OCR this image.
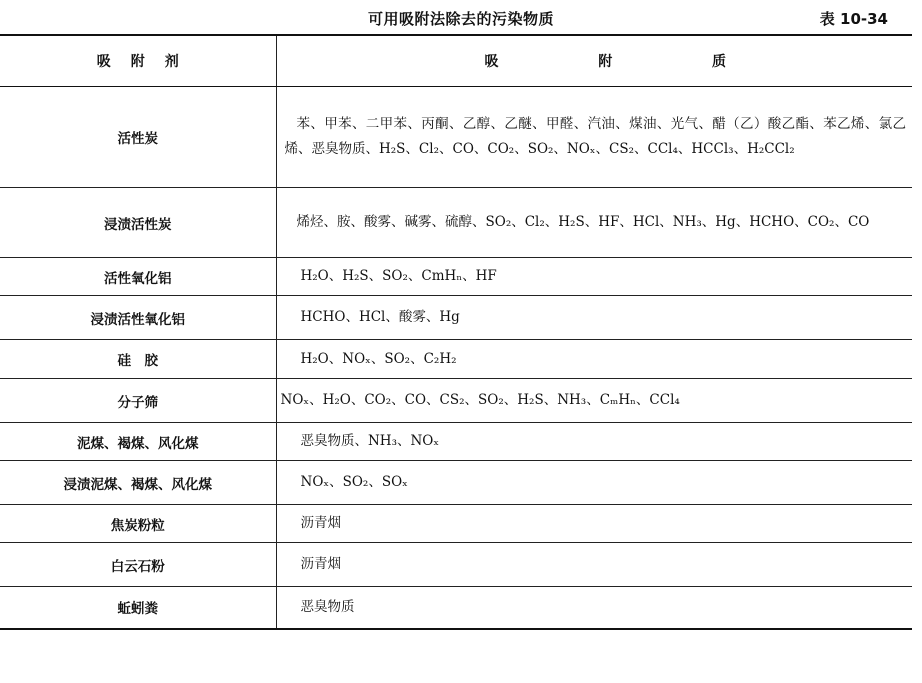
可用吸附法除去的污染物质	表 10-34
吸 附 剂	吸 附 质

活性炭	苯、甲苯、二甲苯、丙酮、乙醇、乙醚、甲醛、汽油、煤油、光气、醋（乙）酸乙酯、苯乙烯、氯乙烯、恶臭物质、H₂S、Cl₂、CO、CO₂、SO₂、NOₓ、CS₂、CCl₄、HCCl₃、H₂CCl₂
浸渍活性炭	烯烃、胺、酸雾、碱雾、硫醇、SO₂、Cl₂、H₂S、HF、HCl、NH₃、Hg、HCHO、CO₂、CO
活性氧化铝	H₂O、H₂S、SO₂、CmHₙ、HF
浸渍活性氧化铝	HCHO、HCl、酸雾、Hg
硅　胶	H₂O、NOₓ、SO₂、C₂H₂
分子筛	NOₓ、H₂O、CO₂、CO、CS₂、SO₂、H₂S、NH₃、CₘHₙ、CCl₄
泥煤、褐煤、风化煤	恶臭物质、NH₃、NOₓ
浸渍泥煤、褐煤、风化煤	NOₓ、SO₂、SOₓ
焦炭粉粒	沥青烟
白云石粉	沥青烟
蚯蚓粪	恶臭物质
